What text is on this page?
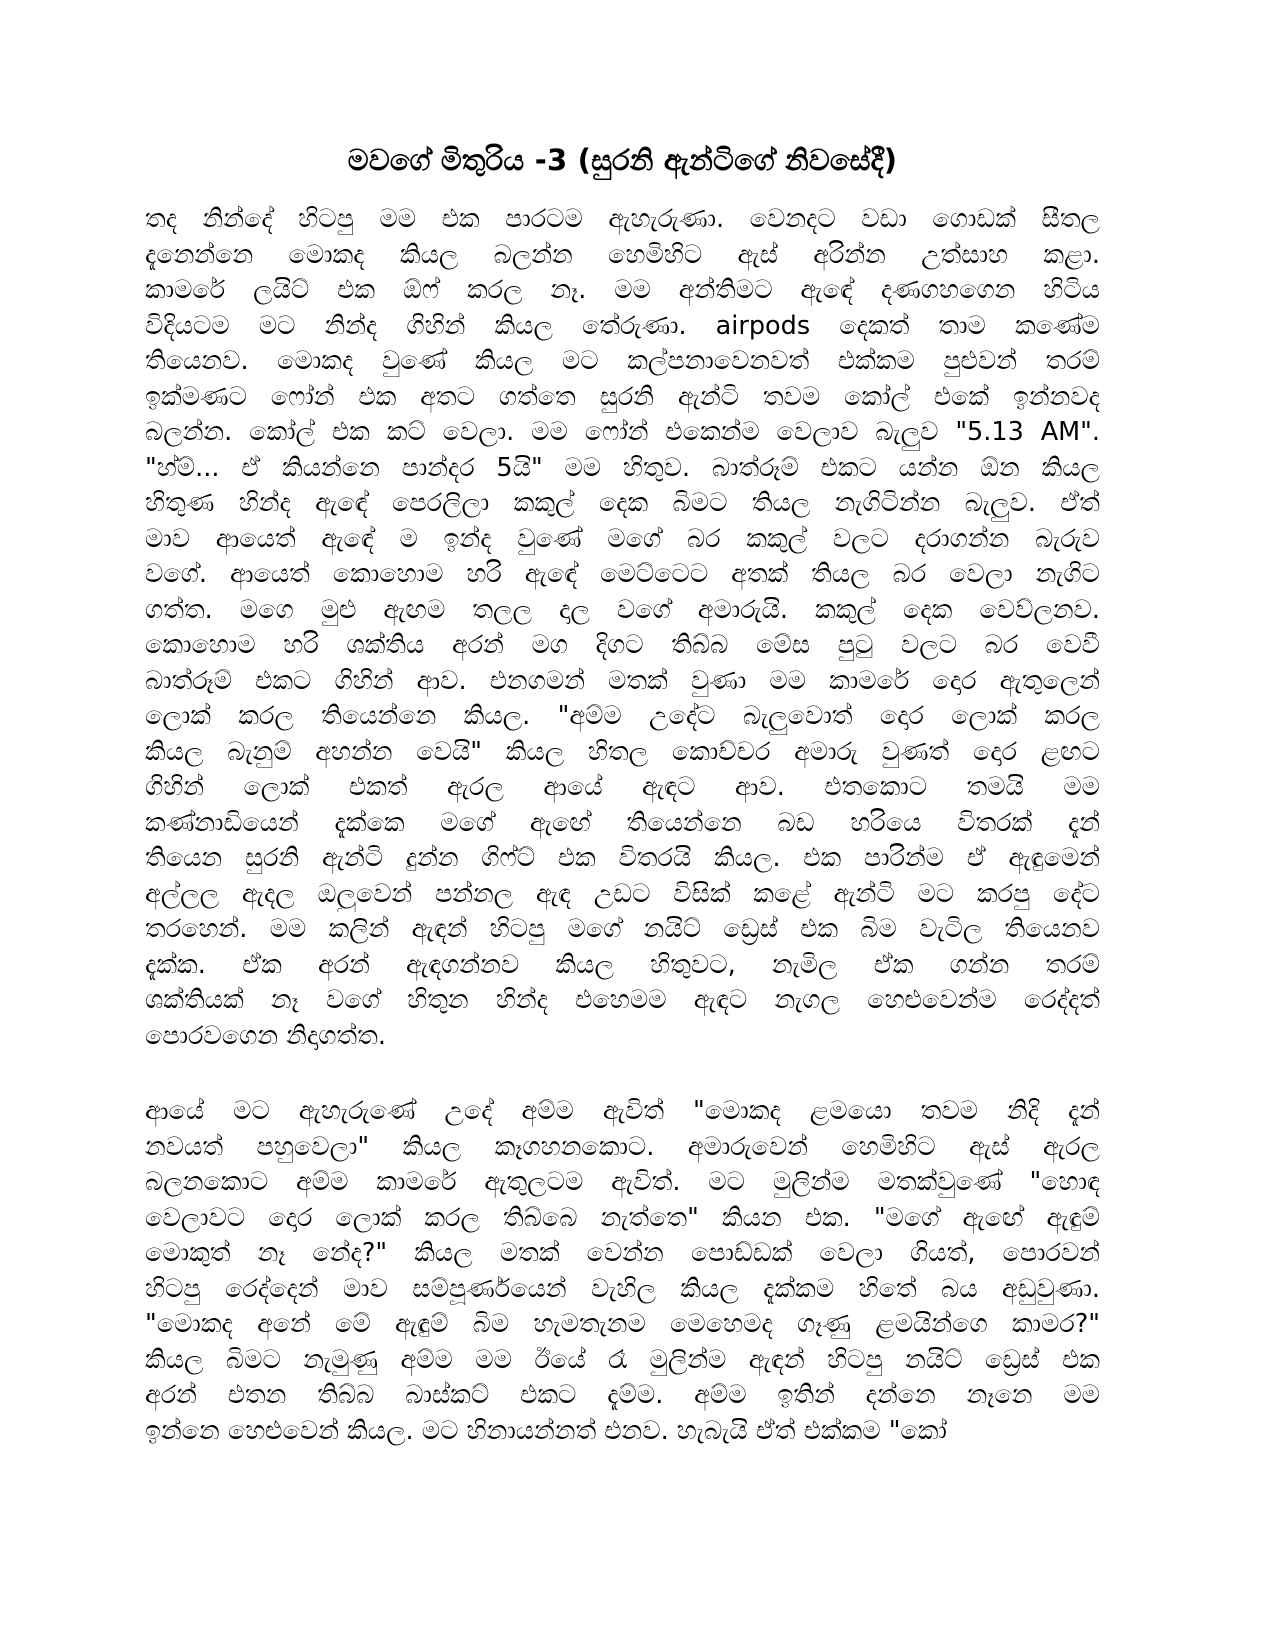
මවගේ මිතුරිය -3 (සුරනි ඇන්ටිගේ නිවසේදී)

තද නින්දේ හිටපු මම එක පාරටම ඇහැරුණා. වෙනදට වඩා ගොඩක් සීතල
දැනෙන්නෙ මොකද කියල බලන්න හෙමිහිට ඇස් අරින්න උත්සාහ කළා.
කාමරේ ලයිට් එක ඕෆ් කරල නෑ. මම අන්තිමට ඇඳේ දණගහගෙන හිටිය
විදියටම මට නින්ද ගිහින් කියල තේරුණා. airpods දෙකත් තාම කණේම
තියෙනව. මොකද වුණේ කියල මට කල්පනාවෙනවත් එක්කම පුළුවන් තරම්
ඉක්මණට ෆෝන් එක අතට ගත්තෙ සුරනි ඇන්ටි තවම කෝල් එකේ ඉන්නවද
බලන්න. කෝල් එක කට් වෙලා. මම ෆෝන් එකෙන්ම වෙලාව බැලුව "5.13 AM".
"හ්ම්... ඒ කියන්නෙ පාන්දර 5යි" මම හිතුව. බාත්රූම් එකට යන්න ඕන කියල
හිතුණ හින්ද ඇඳේ පෙරලිලා කකුල් දෙක බිමට තියල නැගිටින්න බැලුව. ඒත්
මාව ආයෙත් ඇඳේ ම ඉන්ද වුණේ මගේ බර කකුල් වලට දරාගන්න බැරුව
වගේ. ආයෙත් කොහොම හරි ඇඳේ මෙට්ටෙට අතක් තියල බර වෙලා නැගිට
ගත්ත. මගෙ මුළු ඇඟම තලල දාල වගේ අමාරුයි. කකුල් දෙක වෙව්ලනව.
කොහොම හරි ශක්තිය අරන් මග දිගට තිබ්බ මේස පුටු වලට බර වෙවී
බාත්රූම් එකට ගිහින් ආව. එනගමන් මතක් වුණා මම කාමරේ දොර ඇතුලෙන්
ලොක් කරල තියෙන්නෙ කියල. "අම්ම උදේට බැලුවොත් දොර ලොක් කරල
කියල බැනුම් අහන්න වෙයි" කියල හිතල කොච්චර අමාරු වුණත් දොර ළඟට
ගිහින් ලොක් එකත් ඇරල ආයේ ඇඳට ආව. එතකොට තමයි මම
කණ්නාඩියෙන් දැක්කෙ මගේ ඇඟේ තියෙන්නෙ බඩ හරියෙ විතරක් දැන්
තියෙන සුරනි ඇන්ටි දුන්න ගිෆ්ට් එක විතරයි කියල. එක පාරින්ම ඒ ඇඳුමෙන්
අල්ලල ඇදල ඔලුවෙන් පන්නල ඇඳ උඩට විසික් කළේ ඇන්ටි මට කරපු දේට
තරහෙන්. මම කලින් ඇඳන් හිටපු මගේ නයිට් ඩ්‍රෙස් එක බිම වැටිල තියෙනව
දැක්ක. ඒක අරන් ඇඳගන්නව කියල හිතුවට, නැමිල ඒක ගන්න තරම්
ශක්තියක් නෑ වගේ හිතුන හින්ද එහෙමම ඇඳට නැගල හෙළුවෙන්ම රෙද්දත්
පොරවගෙන නිදාගත්ත.

ආයේ මට ඇහැරුණේ උදේ අම්ම ඇවිත් "මොකද ළමයො තවම නිදි දැන්
නවයත් පහුවෙලා" කියල කෑගහනකොට. අමාරුවෙන් හෙමිහිට ඇස් ඇරල
බලනකොට අම්ම කාමරේ ඇතුලටම ඇවිත්. මට මුලින්ම මතක්වුණේ "හොඳ
වෙලාවට දොර ලොක් කරල තිබ්බෙ නැත්තෙ" කියන එක. "මගේ ඇඟේ ඇඳුම්
මොකුත් නෑ නේද?" කියල මතක් වෙන්න පොඩ්ඩක් වෙලා ගියත්, පොරවන්
හිටපු රෙද්දෙන් මාව සම්පූර්ණයෙන් වැහිල කියල දැක්කම හිතේ බය අඩුවුණා.
"මොකද අනේ මේ ඇඳුම් බිම හැමතැනම මෙහෙමද ගෑණු ළමයින්ගෙ කාමර?"
කියල බිමට නැමුණු අම්ම මම ඊයේ රෑ මුලින්ම ඇඳන් හිටපු නයිට් ඩ්‍රෙස් එක
අරන් එතන තිබ්බ බාස්කට් එකට දැම්ම. අම්ම ඉතින් දන්නෙ නෑනෙ මම
ඉන්නෙ හෙළුවෙන් කියල. මට හිනායන්නත් එනව. හැබැයි ඒත් එක්කම "කෝ
